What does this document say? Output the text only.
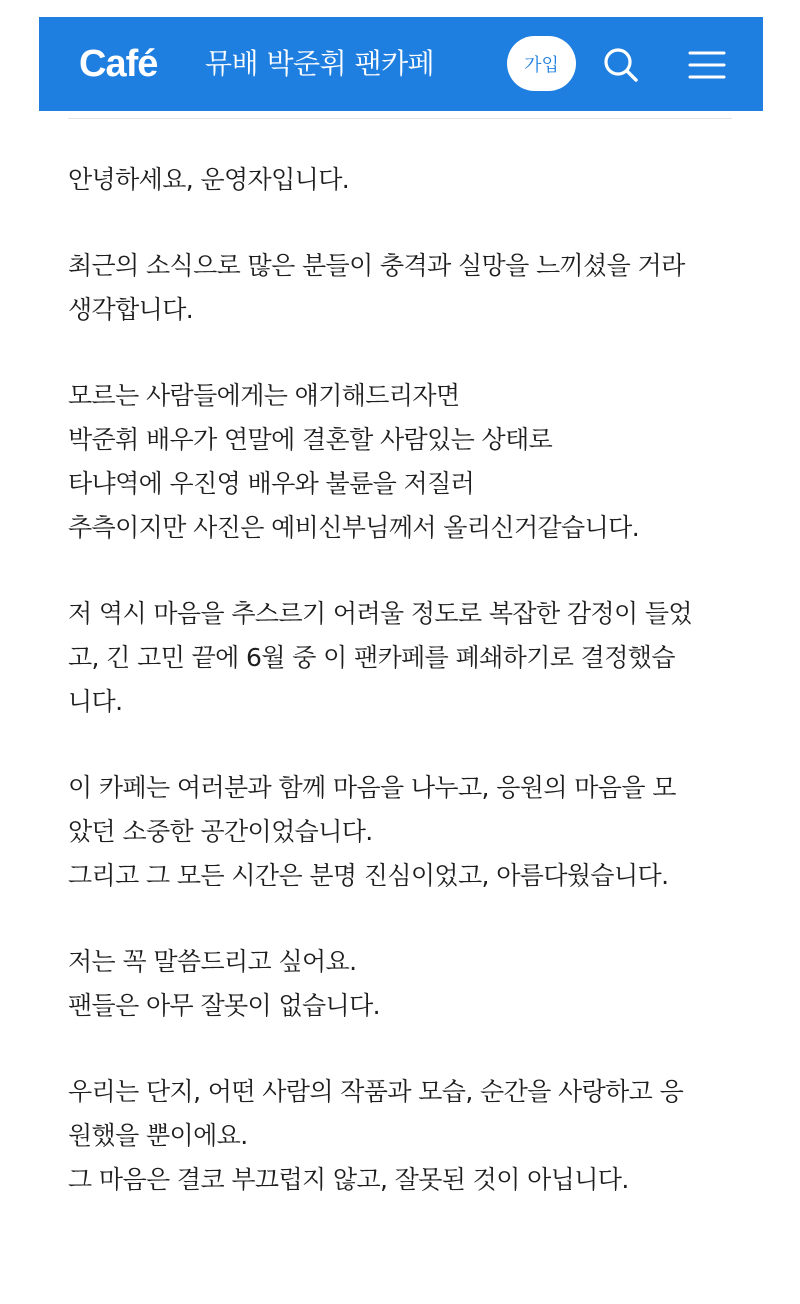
Café 뮤배 박준휘 팬카페	가입
안녕하세요, 운영자입니다.
최근의 소식으로 많은 분들이 충격과 실망을 느끼셨을 거라
생각합니다.
모르는 사람들에게는 얘기해드리자면
박준휘 배우가 연말에 결혼할 사람있는 상태로
타냐역에 우진영 배우와 불륜을 저질러
추측이지만 사진은 예비신부님께서 올리신거같습니다.
저 역시 마음을 추스르기 어려울 정도로 복잡한 감정이 들었
고, 긴 고민 끝에 6월 중 이 팬카페를 폐쇄하기로 결정했습
니다.
이 카페는 여러분과 함께 마음을 나누고, 응원의 마음을 모
았던 소중한 공간이었습니다.
그리고 그 모든 시간은 분명 진심이었고, 아름다웠습니다.
저는 꼭 말씀드리고 싶어요.
팬들은 아무 잘못이 없습니다.
우리는 단지, 어떤 사람의 작품과 모습, 순간을 사랑하고 응
원했을 뿐이에요.
그 마음은 결코 부끄럽지 않고, 잘못된 것이 아닙니다.
